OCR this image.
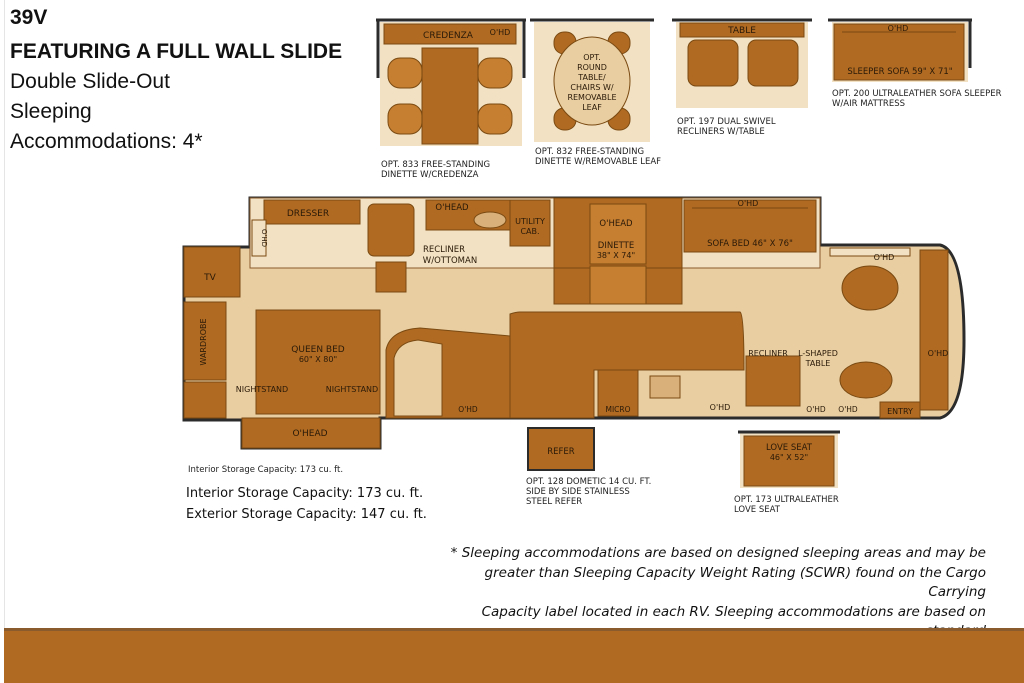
39V
FEATURING A FULL WALL SLIDE
Double Slide-Out
Sleeping
Accommodations: 4*
CREDENZA O'HD
OPT. 833 FREE-STANDING
DINETTE W/CREDENZA
OPT.
ROUND
TABLE/
CHAIRS W/
REMOVABLE
LEAF
OPT. 832 FREE-STANDING
DINETTE W/REMOVABLE LEAF
TABLE
OPT. 197 DUAL SWIVEL
RECLINERS W/TABLE
O'HD
SLEEPER SOFA 59" X 71"
OPT. 200 ULTRALEATHER SOFA SLEEPER
W/AIR MATTRESS
DRESSER
O'HD
RECLINER
W/OTTOMAN
O'HEAD
UTILITY
CAB.
O'HEAD
DINETTE
38" X 74"
O'HD
SOFA BED 46" X 76"
O'HD
O'HD
TV
WARDROBE	QUEEN BED
60" X 80"
NIGHTSTAND	NIGHTSTAND
O'HEAD
O'HD	MICRO	O'HD
RECLINER L-SHAPED
TABLE
O'HD O'HD	ENTRY
REFER
OPT. 128 DOMETIC 14 CU. FT.
SIDE BY SIDE STAINLESS
STEEL REFER
LOVE SEAT
46" X 52"
OPT. 173 ULTRALEATHER
LOVE SEAT
Interior Storage Capacity: 173 cu. ft.
Interior Storage Capacity: 173 cu. ft.
Exterior Storage Capacity: 147 cu. ft.
* Sleeping accommodations are based on designed sleeping areas and may be
greater than Sleeping Capacity Weight Rating (SCWR) found on the Cargo Carrying
Capacity label located in each RV. Sleeping accommodations are based on
